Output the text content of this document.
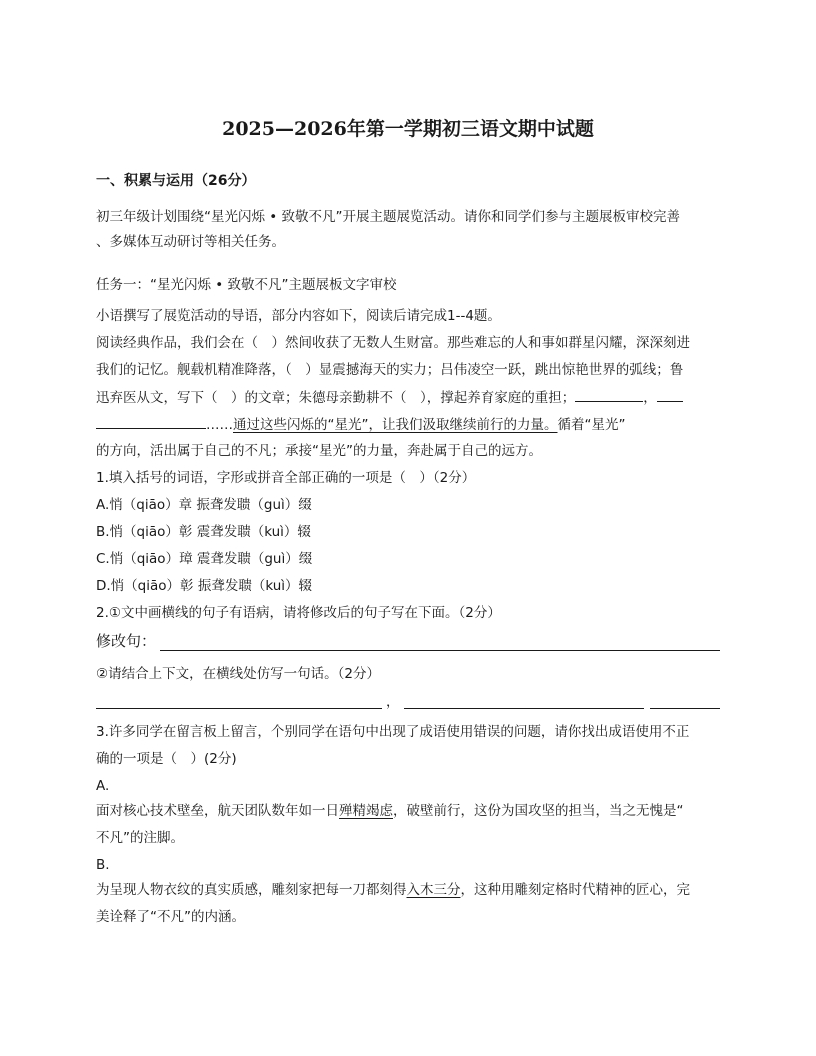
2025—2026年第一学期初三语文期中试题
一、积累与运用（26分）
初三年级计划围绕“星光闪烁 • 致敬不凡”开展主题展览活动。请你和同学们参与主题展板审校完善
、多媒体互动研讨等相关任务。
任务一：“星光闪烁 • 致敬不凡”主题展板文字审校
小语撰写了展览活动的导语，部分内容如下，阅读后请完成1--4题。
阅读经典作品，我们会在（　）然间收获了无数人生财富。那些难忘的人和事如群星闪耀，深深刻进
我们的记忆。舰载机精准降落，（　）显震撼海天的实力；吕伟凌空一跃，跳出惊艳世界的弧线；鲁
迅弃医从文，写下（　）的文章；朱德母亲勤耕不（　），撑起养育家庭的重担；	，
……通过这些闪烁的“星光”，让我们汲取继续前行的力量。循着“星光”
的方向，活出属于自己的不凡；承接“星光”的力量，奔赴属于自己的远方。
1.填入括号的词语，字形或拼音全部正确的一项是（　）（2分）
A.悄（qiāo）章 振聋发聩（guì）缀
B.悄（qiāo）彰 震聋发聩（kuì）辍
C.悄（qiāo）璋 震聋发聩（guì）缀
D.悄（qiāo）彰 振聋发聩（kuì）辍
2.①文中画横线的句子有语病，请将修改后的句子写在下面。（2分）
修改句：
②请结合上下文，在横线处仿写一句话。（2分）
，
3.许多同学在留言板上留言，个别同学在语句中出现了成语使用错误的问题，请你找出成语使用不正
确的一项是（　）(2分)
A.
面对核心技术壁垒，航天团队数年如一日殚精竭虑，破壁前行，这份为国攻坚的担当，当之无愧是“
不凡”的注脚。
B.
为呈现人物衣纹的真实质感，雕刻家把每一刀都刻得入木三分，这种用雕刻定格时代精神的匠心，完
美诠释了“不凡”的内涵。
